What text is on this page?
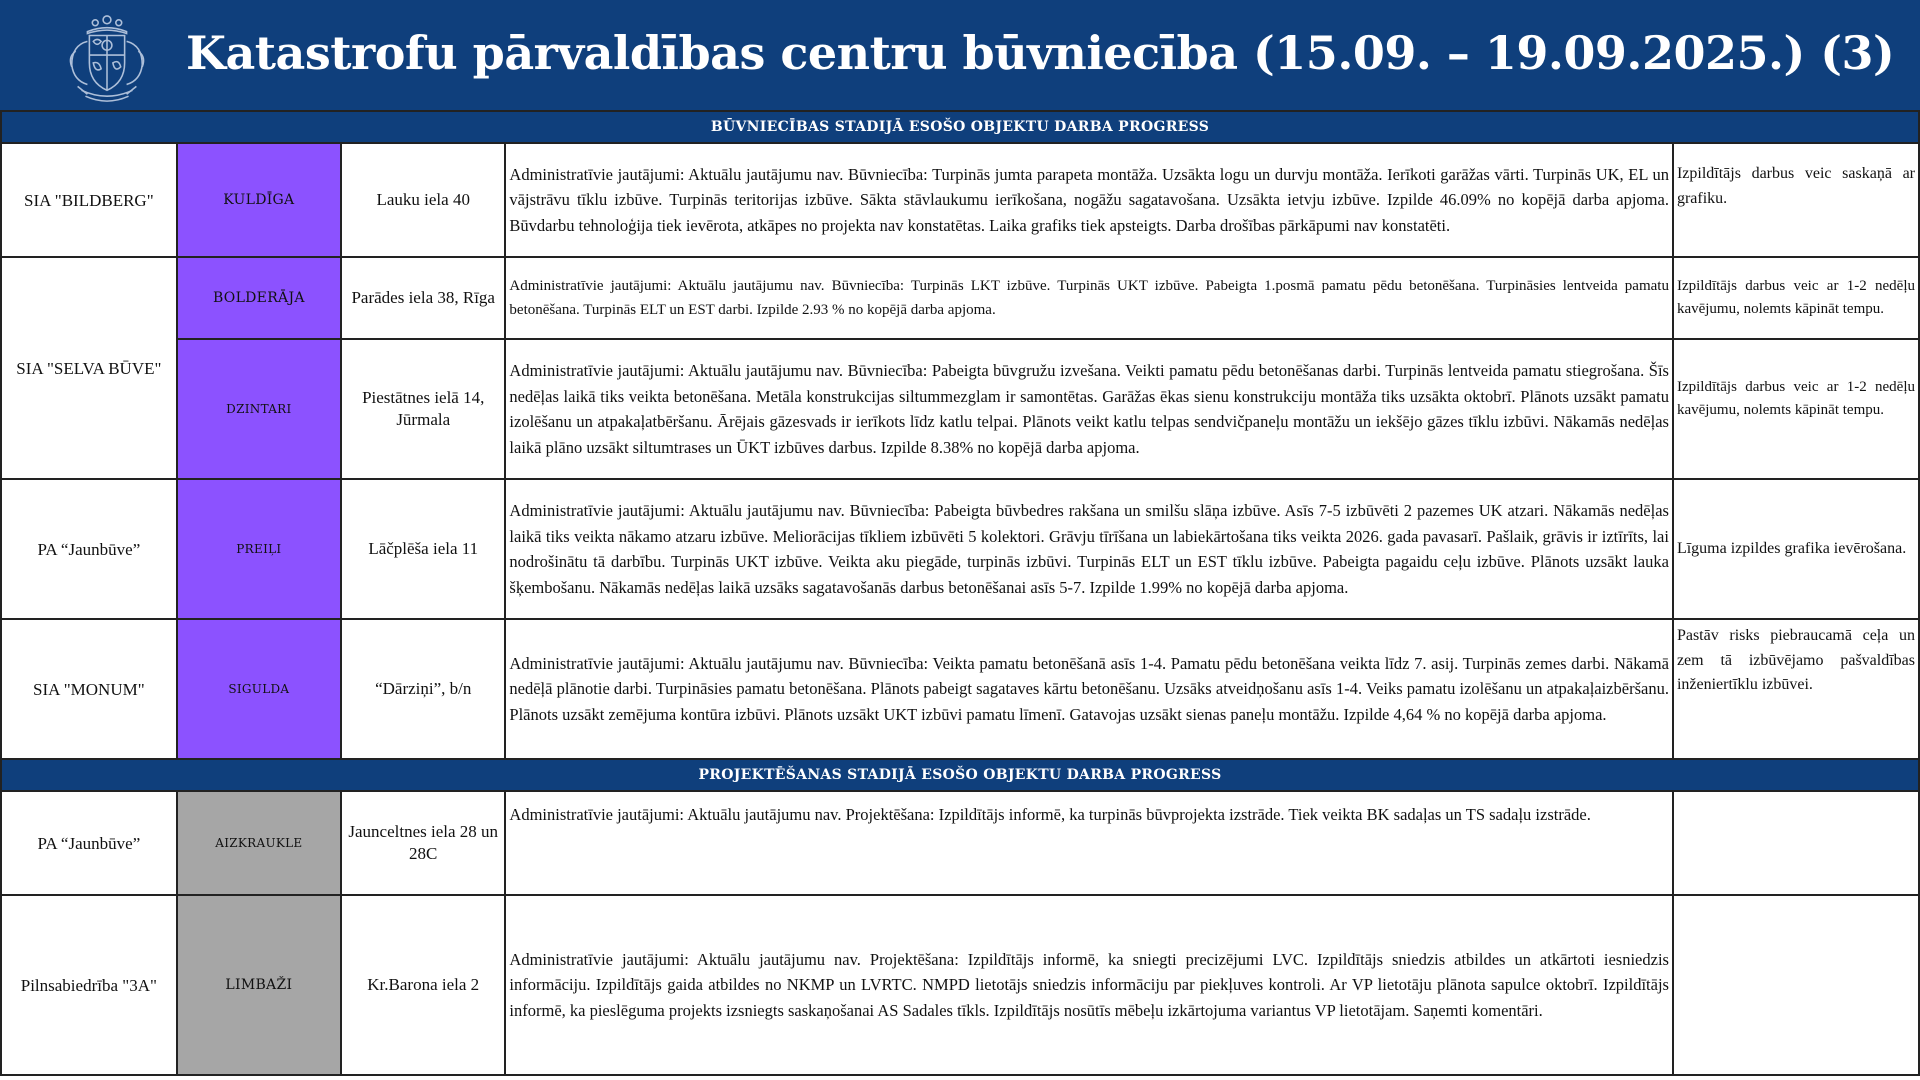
Katastrofu pārvaldības centru būvniecība (15.09. – 19.09.2025.) (3)
BŪVNIECĪBAS STADIJĀ ESOŠO OBJEKTU DARBA PROGRESS				
SIA "BILDBERG"	KULDĪGA	Lauku iela 40	Administratīvie jautājumi: Aktuālu jautājumu nav. Būvniecība: Turpinās jumta parapeta montāža. Uzsākta logu un durvju montāža. Ierīkoti garāžas vārti. Turpinās UK, EL un vājstrāvu tīklu izbūve. Turpinās teritorijas izbūve. Sākta stāvlaukumu ierīkošana, nogāžu sagatavošana. Uzsākta ietvju izbūve. Izpilde 46.09% no kopējā darba apjoma. Būvdarbu tehnoloģija tiek ievērota, atkāpes no projekta nav konstatētas. Laika grafiks tiek apsteigts. Darba drošības pārkāpumi nav konstatēti.	Izpildītājs darbus veic saskaņā ar grafiku.
SIA "SELVA BŪVE"	BOLDERĀJA	Parādes iela 38, Rīga	Administratīvie jautājumi: Aktuālu jautājumu nav. Būvniecība: Turpinās LKT izbūve. Turpinās UKT izbūve. Pabeigta 1.posmā pamatu pēdu betonēšana. Turpināsies lentveida pamatu betonēšana. Turpinās ELT un EST darbi. Izpilde 2.93 % no kopējā darba apjoma.	Izpildītājs darbus veic ar 1-2 nedēļu kavējumu, nolemts kāpināt tempu.
	DZINTARI	Piestātnes ielā 14, Jūrmala	Administratīvie jautājumi: Aktuālu jautājumu nav. Būvniecība: Pabeigta būvgružu izvešana. Veikti pamatu pēdu betonēšanas darbi. Turpinās lentveida pamatu stiegrošana. Šīs nedēļas laikā tiks veikta betonēšana. Metāla konstrukcijas siltummezglam ir samontētas. Garāžas ēkas sienu konstrukciju montāža tiks uzsākta oktobrī. Plānots uzsākt pamatu izolēšanu un atpakaļatbēršanu. Ārējais gāzesvads ir ierīkots līdz katlu telpai. Plānots veikt katlu telpas sendvičpaneļu montāžu un iekšējo gāzes tīklu izbūvi. Nākamās nedēļas laikā plāno uzsākt siltumtrases un ŪKT izbūves darbus. Izpilde 8.38% no kopējā darba apjoma.	Izpildītājs darbus veic ar 1-2 nedēļu kavējumu, nolemts kāpināt tempu.
PA “Jaunbūve”	PREIĻI	Lāčplēša iela 11	Administratīvie jautājumi: Aktuālu jautājumu nav. Būvniecība: Pabeigta būvbedres rakšana un smilšu slāņa izbūve. Asīs 7-5 izbūvēti 2 pazemes UK atzari. Nākamās nedēļas laikā tiks veikta nākamo atzaru izbūve. Meliorācijas tīkliem izbūvēti 5 kolektori. Grāvju tīrīšana un labiekārtošana tiks veikta 2026. gada pavasarī. Pašlaik, grāvis ir iztīrīts, lai nodrošinātu tā darbību. Turpinās UKT izbūve. Veikta aku piegāde, turpinās izbūvi. Turpinās ELT un EST tīklu izbūve. Pabeigta pagaidu ceļu izbūve. Plānots uzsākt lauka šķembošanu. Nākamās nedēļas laikā uzsāks sagatavošanās darbus betonēšanai asīs 5-7. Izpilde 1.99% no kopējā darba apjoma.	Līguma izpildes grafika ievērošana.
SIA "MONUM"	SIGULDA	“Dārziņi”, b/n	Administratīvie jautājumi: Aktuālu jautājumu nav. Būvniecība: Veikta pamatu betonēšanā asīs 1-4. Pamatu pēdu betonēšana veikta līdz 7. asij. Turpinās zemes darbi. Nākamā nedēļā plānotie darbi. Turpināsies pamatu betonēšana. Plānots pabeigt sagataves kārtu betonēšanu. Uzsāks atveidņošanu asīs 1-4. Veiks pamatu izolēšanu un atpakaļaizbēršanu. Plānots uzsākt zemējuma kontūra izbūvi. Plānots uzsākt UKT izbūvi pamatu līmenī. Gatavojas uzsākt sienas paneļu montāžu. Izpilde 4,64 % no kopējā darba apjoma.	Pastāv risks piebraucamā ceļa un zem tā izbūvējamo pašvaldības inženiertīklu izbūvei.
PROJEKTĒŠANAS STADIJĀ ESOŠO OBJEKTU DARBA PROGRESS				
PA “Jaunbūve”	AIZKRAUKLE	Jaunceltnes iela 28 un 28C	Administratīvie jautājumi: Aktuālu jautājumu nav. Projektēšana: Izpildītājs informē, ka turpinās būvprojekta izstrāde. Tiek veikta BK sadaļas un TS sadaļu izstrāde.	
Pilnsabiedrība "3A"	LIMBAŽI	Kr.Barona iela 2	Administratīvie jautājumi: Aktuālu jautājumu nav. Projektēšana: Izpildītājs informē, ka sniegti precizējumi LVC. Izpildītājs sniedzis atbildes un atkārtoti iesniedzis informāciju. Izpildītājs gaida atbildes no NKMP un LVRTC. NMPD lietotājs sniedzis informāciju par piekļuves kontroli. Ar VP lietotāju plānota sapulce oktobrī. Izpildītājs informē, ka pieslēguma projekts izsniegts saskaņošanai AS Sadales tīkls. Izpildītājs nosūtīs mēbeļu izkārtojuma variantus VP lietotājam. Saņemti komentāri.	
